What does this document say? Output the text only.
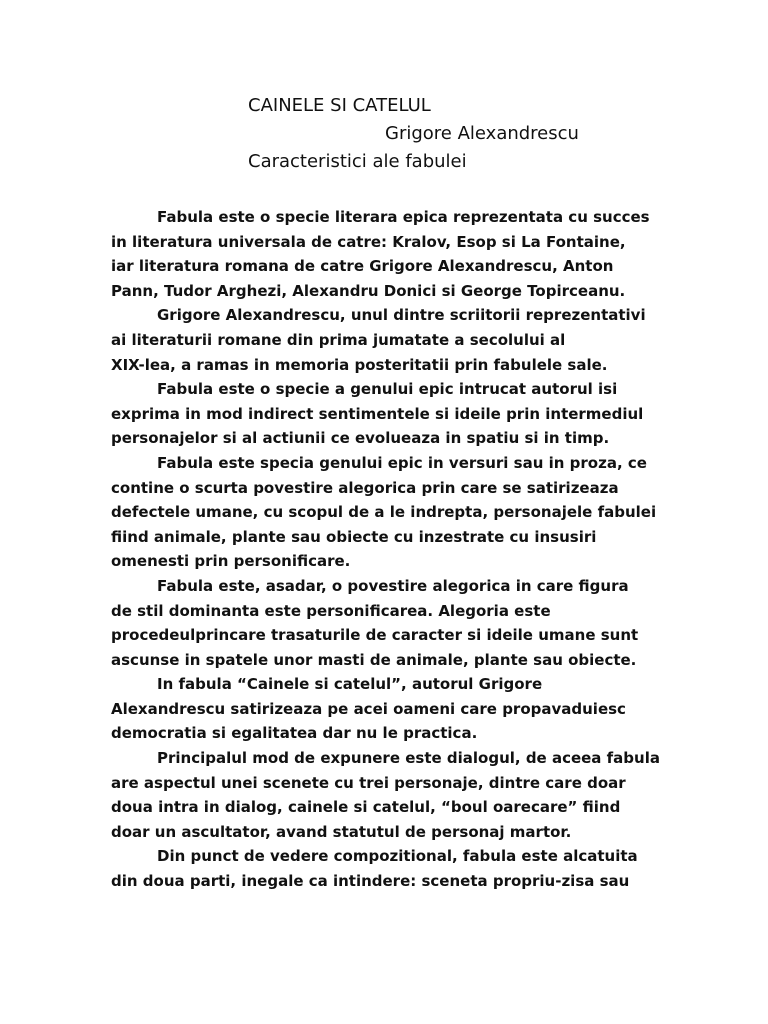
CAINELE SI CATELUL
Grigore Alexandrescu
Caracteristici ale fabulei
Fabula este o specie literara epica reprezentata cu succes
in literatura universala de catre: Kralov, Esop si La Fontaine,
iar literatura romana de catre Grigore Alexandrescu, Anton
Pann, Tudor Arghezi, Alexandru Donici si George Topirceanu.
Grigore Alexandrescu, unul dintre scriitorii reprezentativi
ai literaturii romane din prima jumatate a secolului al
XIX-lea, a ramas in memoria posteritatii prin fabulele sale.
Fabula este o specie a genului epic intrucat autorul isi
exprima in mod indirect sentimentele si ideile prin intermediul
personajelor si al actiunii ce evolueaza in spatiu si in timp.
Fabula este specia genului epic in versuri sau in proza, ce
contine o scurta povestire alegorica prin care se satirizeaza
defectele umane, cu scopul de a le indrepta, personajele fabulei
fiind animale, plante sau obiecte cu inzestrate cu insusiri
omenesti prin personificare.
Fabula este, asadar, o povestire alegorica in care figura
de stil dominanta este personificarea. Alegoria este
procedeulprincare trasaturile de caracter si ideile umane sunt
ascunse in spatele unor masti de animale, plante sau obiecte.
In fabula “Cainele si catelul”, autorul Grigore
Alexandrescu satirizeaza pe acei oameni care propavaduiesc
democratia si egalitatea dar nu le practica.
Principalul mod de expunere este dialogul, de aceea fabula
are aspectul unei scenete cu trei personaje, dintre care doar
doua intra in dialog, cainele si catelul, “boul oarecare” fiind
doar un ascultator, avand statutul de personaj martor.
Din punct de vedere compozitional, fabula este alcatuita
din doua parti, inegale ca intindere: sceneta propriu-zisa sau
